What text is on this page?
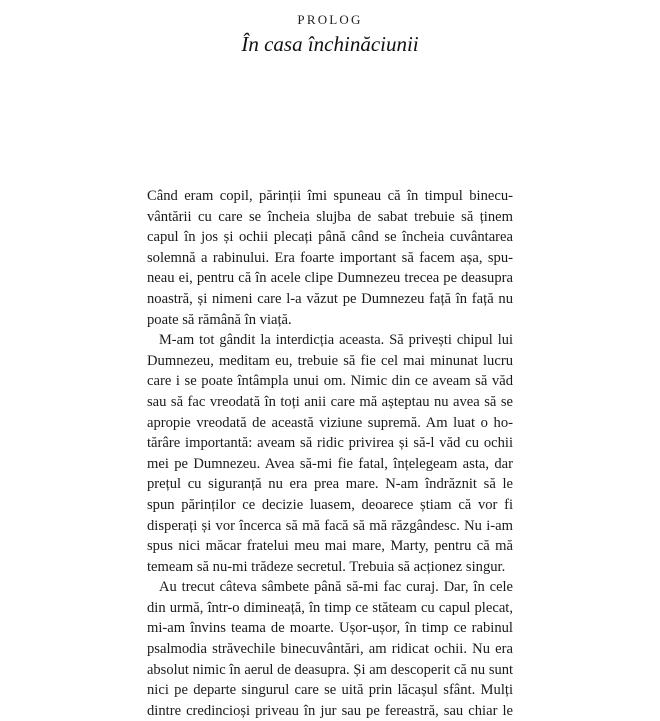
PROLOG
În casa închinăciunii
Când eram copil, părinții îmi spuneau că în timpul binecu-
vântării cu care se încheia slujba de sabat trebuie să ținem
capul în jos și ochii plecați până când se încheia cuvântarea
solemnă a rabinului. Era foarte important să facem așa, spu-
neau ei, pentru că în acele clipe Dumnezeu trecea pe deasupra
noastră, și nimeni care l-a văzut pe Dumnezeu față în față nu
poate să rămână în viață.
M-am tot gândit la interdicția aceasta. Să privești chipul lui
Dumnezeu, meditam eu, trebuie să fie cel mai minunat lucru
care i se poate întâmpla unui om. Nimic din ce aveam să văd
sau să fac vreodată în toți anii care mă așteptau nu avea să se
apropie vreodată de această viziune supremă. Am luat o ho-
tărâre importantă: aveam să ridic privirea și să-l văd cu ochii
mei pe Dumnezeu. Avea să-mi fie fatal, înțelegeam asta, dar
prețul cu siguranță nu era prea mare. N-am îndrăznit să le
spun părinților ce decizie luasem, deoarece știam că vor fi
disperați și vor încerca să mă facă să mă răzgândesc. Nu i-am
spus nici măcar fratelui meu mai mare, Marty, pentru că mă
temeam să nu-mi trădeze secretul. Trebuia să acționez singur.
Au trecut câteva sâmbete până să-mi fac curaj. Dar, în cele
din urmă, într-o dimineață, în timp ce stăteam cu capul plecat,
mi-am învins teama de moarte. Ușor-ușor, în timp ce rabinul
psalmodia străvechile binecuvântări, am ridicat ochii. Nu era
absolut nimic în aerul de deasupra. Și am descoperit că nu sunt
nici pe departe singurul care se uită prin lăcașul sfânt. Mulți
dintre credincioși priveau în jur sau pe fereastră, sau chiar le
